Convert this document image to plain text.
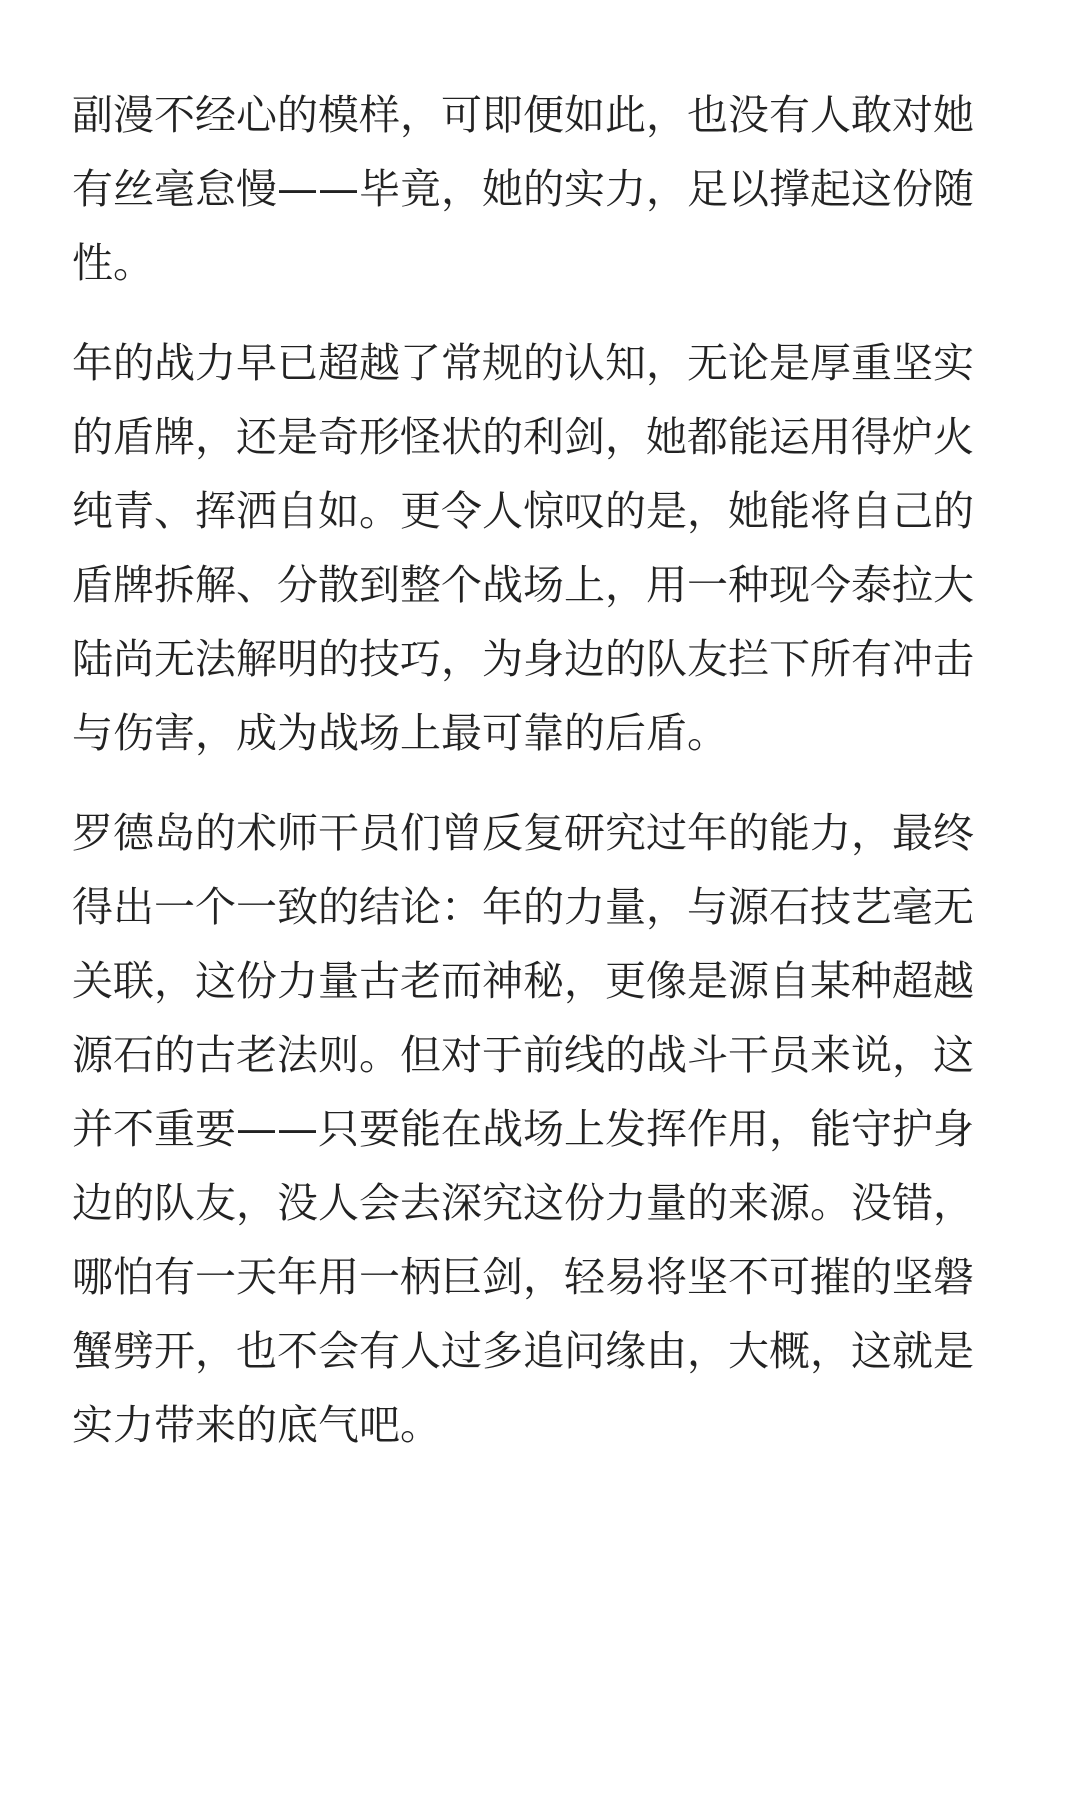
副漫不经心的模样，可即便如此，也没有人敢对她
有丝毫怠慢——毕竟，她的实力，足以撑起这份随
性。
年的战力早已超越了常规的认知，无论是厚重坚实
的盾牌，还是奇形怪状的利剑，她都能运用得炉火
纯青、挥洒自如。更令人惊叹的是，她能将自己的
盾牌拆解、分散到整个战场上，用一种现今泰拉大
陆尚无法解明的技巧，为身边的队友拦下所有冲击
与伤害，成为战场上最可靠的后盾。
罗德岛的术师干员们曾反复研究过年的能力，最终
得出一个一致的结论：年的力量，与源石技艺毫无
关联，这份力量古老而神秘，更像是源自某种超越
源石的古老法则。但对于前线的战斗干员来说，这
并不重要——只要能在战场上发挥作用，能守护身
边的队友，没人会去深究这份力量的来源。没错，
哪怕有一天年用一柄巨剑，轻易将坚不可摧的坚磐
蟹劈开，也不会有人过多追问缘由，大概，这就是
实力带来的底气吧。
